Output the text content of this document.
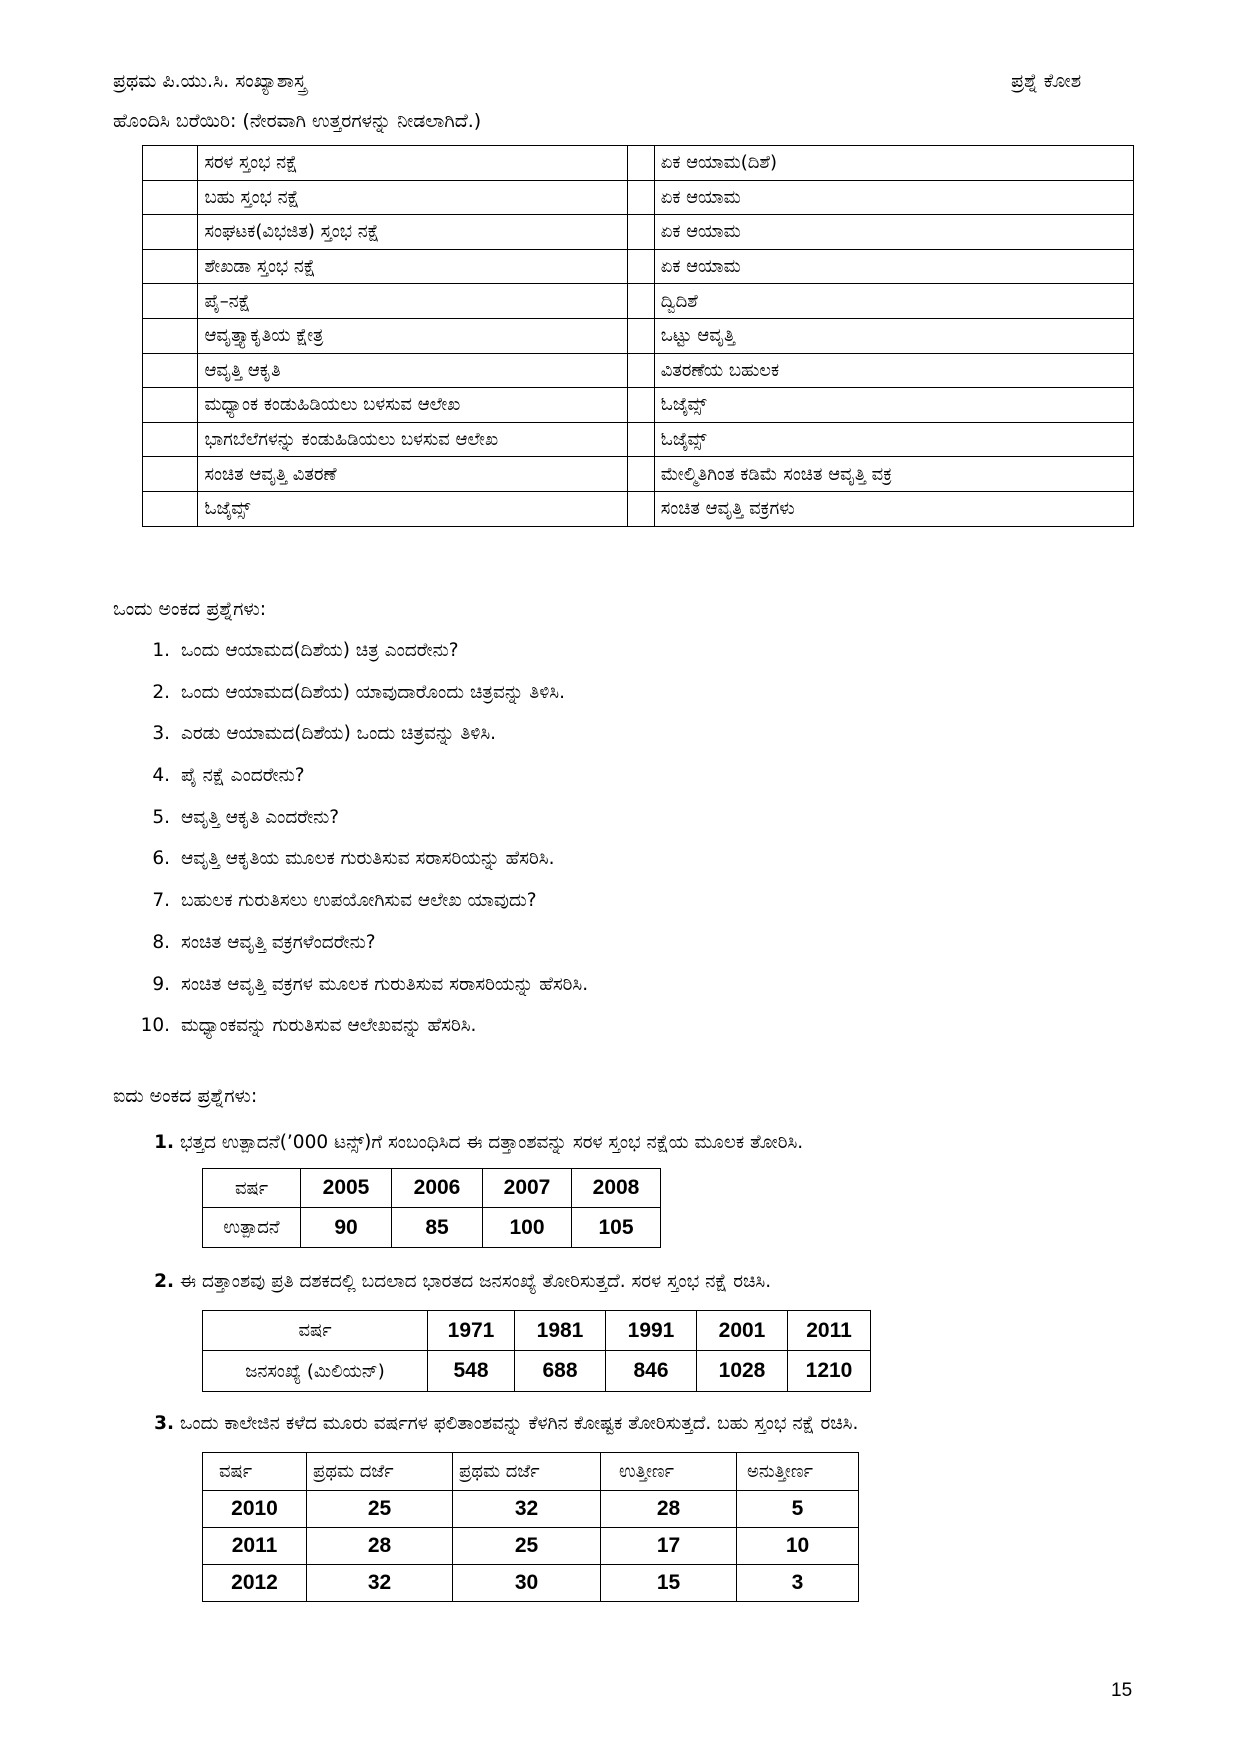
ಪ್ರಥಮ ಪಿ.ಯು.ಸಿ. ಸಂಖ್ಯಾಶಾಸ್ತ್ರ	ಪ್ರಶ್ನೆ ಕೋಶ
ಹೊಂದಿಸಿ ಬರೆಯಿರಿ: (ನೇರವಾಗಿ ಉತ್ತರಗಳನ್ನು ನೀಡಲಾಗಿದೆ.)
	ಸರಳ ಸ್ತಂಭ ನಕ್ಷೆ		ಏಕ ಆಯಾಮ(ದಿಶೆ)
	ಬಹು ಸ್ತಂಭ ನಕ್ಷೆ		ಏಕ ಆಯಾಮ
	ಸಂಘಟಕ(ವಿಭಜಿತ) ಸ್ತಂಭ ನಕ್ಷೆ		ಏಕ ಆಯಾಮ
	ಶೇಖಡಾ ಸ್ತಂಭ ನಕ್ಷೆ		ಏಕ ಆಯಾಮ
	ಪೈ–ನಕ್ಷೆ		ದ್ವಿದಿಶೆ
	ಆವೃತ್ತ್ಯಾಕೃತಿಯ ಕ್ಷೇತ್ರ		ಒಟ್ಟು ಆವೃತ್ತಿ
	ಆವೃತ್ತಿ ಆಕೃತಿ		ವಿತರಣೆಯ ಬಹುಲಕ
	ಮಧ್ಯಾಂಕ ಕಂಡುಹಿಡಿಯಲು ಬಳಸುವ ಆಲೇಖ		ಓಜೈವ್ಸ್
	ಭಾಗಬೆಲೆಗಳನ್ನು ಕಂಡುಹಿಡಿಯಲು ಬಳಸುವ ಆಲೇಖ		ಓಜೈವ್ಸ್
	ಸಂಚಿತ ಆವೃತ್ತಿ ವಿತರಣೆ		ಮೇಲ್ಮಿತಿಗಿಂತ ಕಡಿಮೆ ಸಂಚಿತ ಆವೃತ್ತಿ ವಕ್ರ
	ಓಜೈವ್ಸ್		ಸಂಚಿತ ಆವೃತ್ತಿ ವಕ್ರಗಳು
ಒಂದು ಅಂಕದ ಪ್ರಶ್ನೆಗಳು:
1. ಒಂದು ಆಯಾಮದ(ದಿಶೆಯ) ಚಿತ್ರ ಎಂದರೇನು?
2. ಒಂದು ಆಯಾಮದ(ದಿಶೆಯ) ಯಾವುದಾರೊಂದು ಚಿತ್ರವನ್ನು ತಿಳಿಸಿ.
3. ಎರಡು ಆಯಾಮದ(ದಿಶೆಯ) ಒಂದು ಚಿತ್ರವನ್ನು ತಿಳಿಸಿ.
4. ಪೈ ನಕ್ಷೆ ಎಂದರೇನು?
5. ಆವೃತ್ತಿ ಆಕೃತಿ ಎಂದರೇನು?
6. ಆವೃತ್ತಿ ಆಕೃತಿಯ ಮೂಲಕ ಗುರುತಿಸುವ ಸರಾಸರಿಯನ್ನು ಹೆಸರಿಸಿ.
7. ಬಹುಲಕ ಗುರುತಿಸಲು ಉಪಯೋಗಿಸುವ ಆಲೇಖ ಯಾವುದು?
8. ಸಂಚಿತ ಆವೃತ್ತಿ ವಕ್ರಗಳೆಂದರೇನು?
9. ಸಂಚಿತ ಆವೃತ್ತಿ ವಕ್ರಗಳ ಮೂಲಕ ಗುರುತಿಸುವ ಸರಾಸರಿಯನ್ನು ಹೆಸರಿಸಿ.
10. ಮಧ್ಯಾಂಕವನ್ನು ಗುರುತಿಸುವ ಆಲೇಖವನ್ನು ಹೆಸರಿಸಿ.
ಐದು ಅಂಕದ ಪ್ರಶ್ನೆಗಳು:
1. ಭತ್ತದ ಉತ್ಪಾದನೆ(’000 ಟನ್ಸ್)ಗೆ ಸಂಬಂಧಿಸಿದ ಈ ದತ್ತಾಂಶವನ್ನು ಸರಳ ಸ್ತಂಭ ನಕ್ಷೆಯ ಮೂಲಕ ತೋರಿಸಿ.
ವರ್ಷ	2005	2006	2007	2008
ಉತ್ಪಾದನೆ	90	85	100	105
2. ಈ ದತ್ತಾಂಶವು ಪ್ರತಿ ದಶಕದಲ್ಲಿ ಬದಲಾದ ಭಾರತದ ಜನಸಂಖ್ಯೆ ತೋರಿಸುತ್ತದೆ. ಸರಳ ಸ್ತಂಭ ನಕ್ಷೆ ರಚಿಸಿ.
ವರ್ಷ	1971	1981	1991	2001	2011
ಜನಸಂಖ್ಯೆ (ಮಿಲಿಯನ್)	548	688	846	1028	1210
3. ಒಂದು ಕಾಲೇಜಿನ ಕಳೆದ ಮೂರು ವರ್ಷಗಳ ಫಲಿತಾಂಶವನ್ನು ಕೆಳಗಿನ ಕೋಷ್ಟಕ ತೋರಿಸುತ್ತದೆ. ಬಹು ಸ್ತಂಭ ನಕ್ಷೆ ರಚಿಸಿ.
ವರ್ಷ	ಪ್ರಥಮ ದರ್ಜೆ	ಪ್ರಥಮ ದರ್ಜೆ	ಉತ್ತೀರ್ಣ	ಅನುತ್ತೀರ್ಣ
2010	25	32	28	5
2011	28	25	17	10
2012	32	30	15	3
15
